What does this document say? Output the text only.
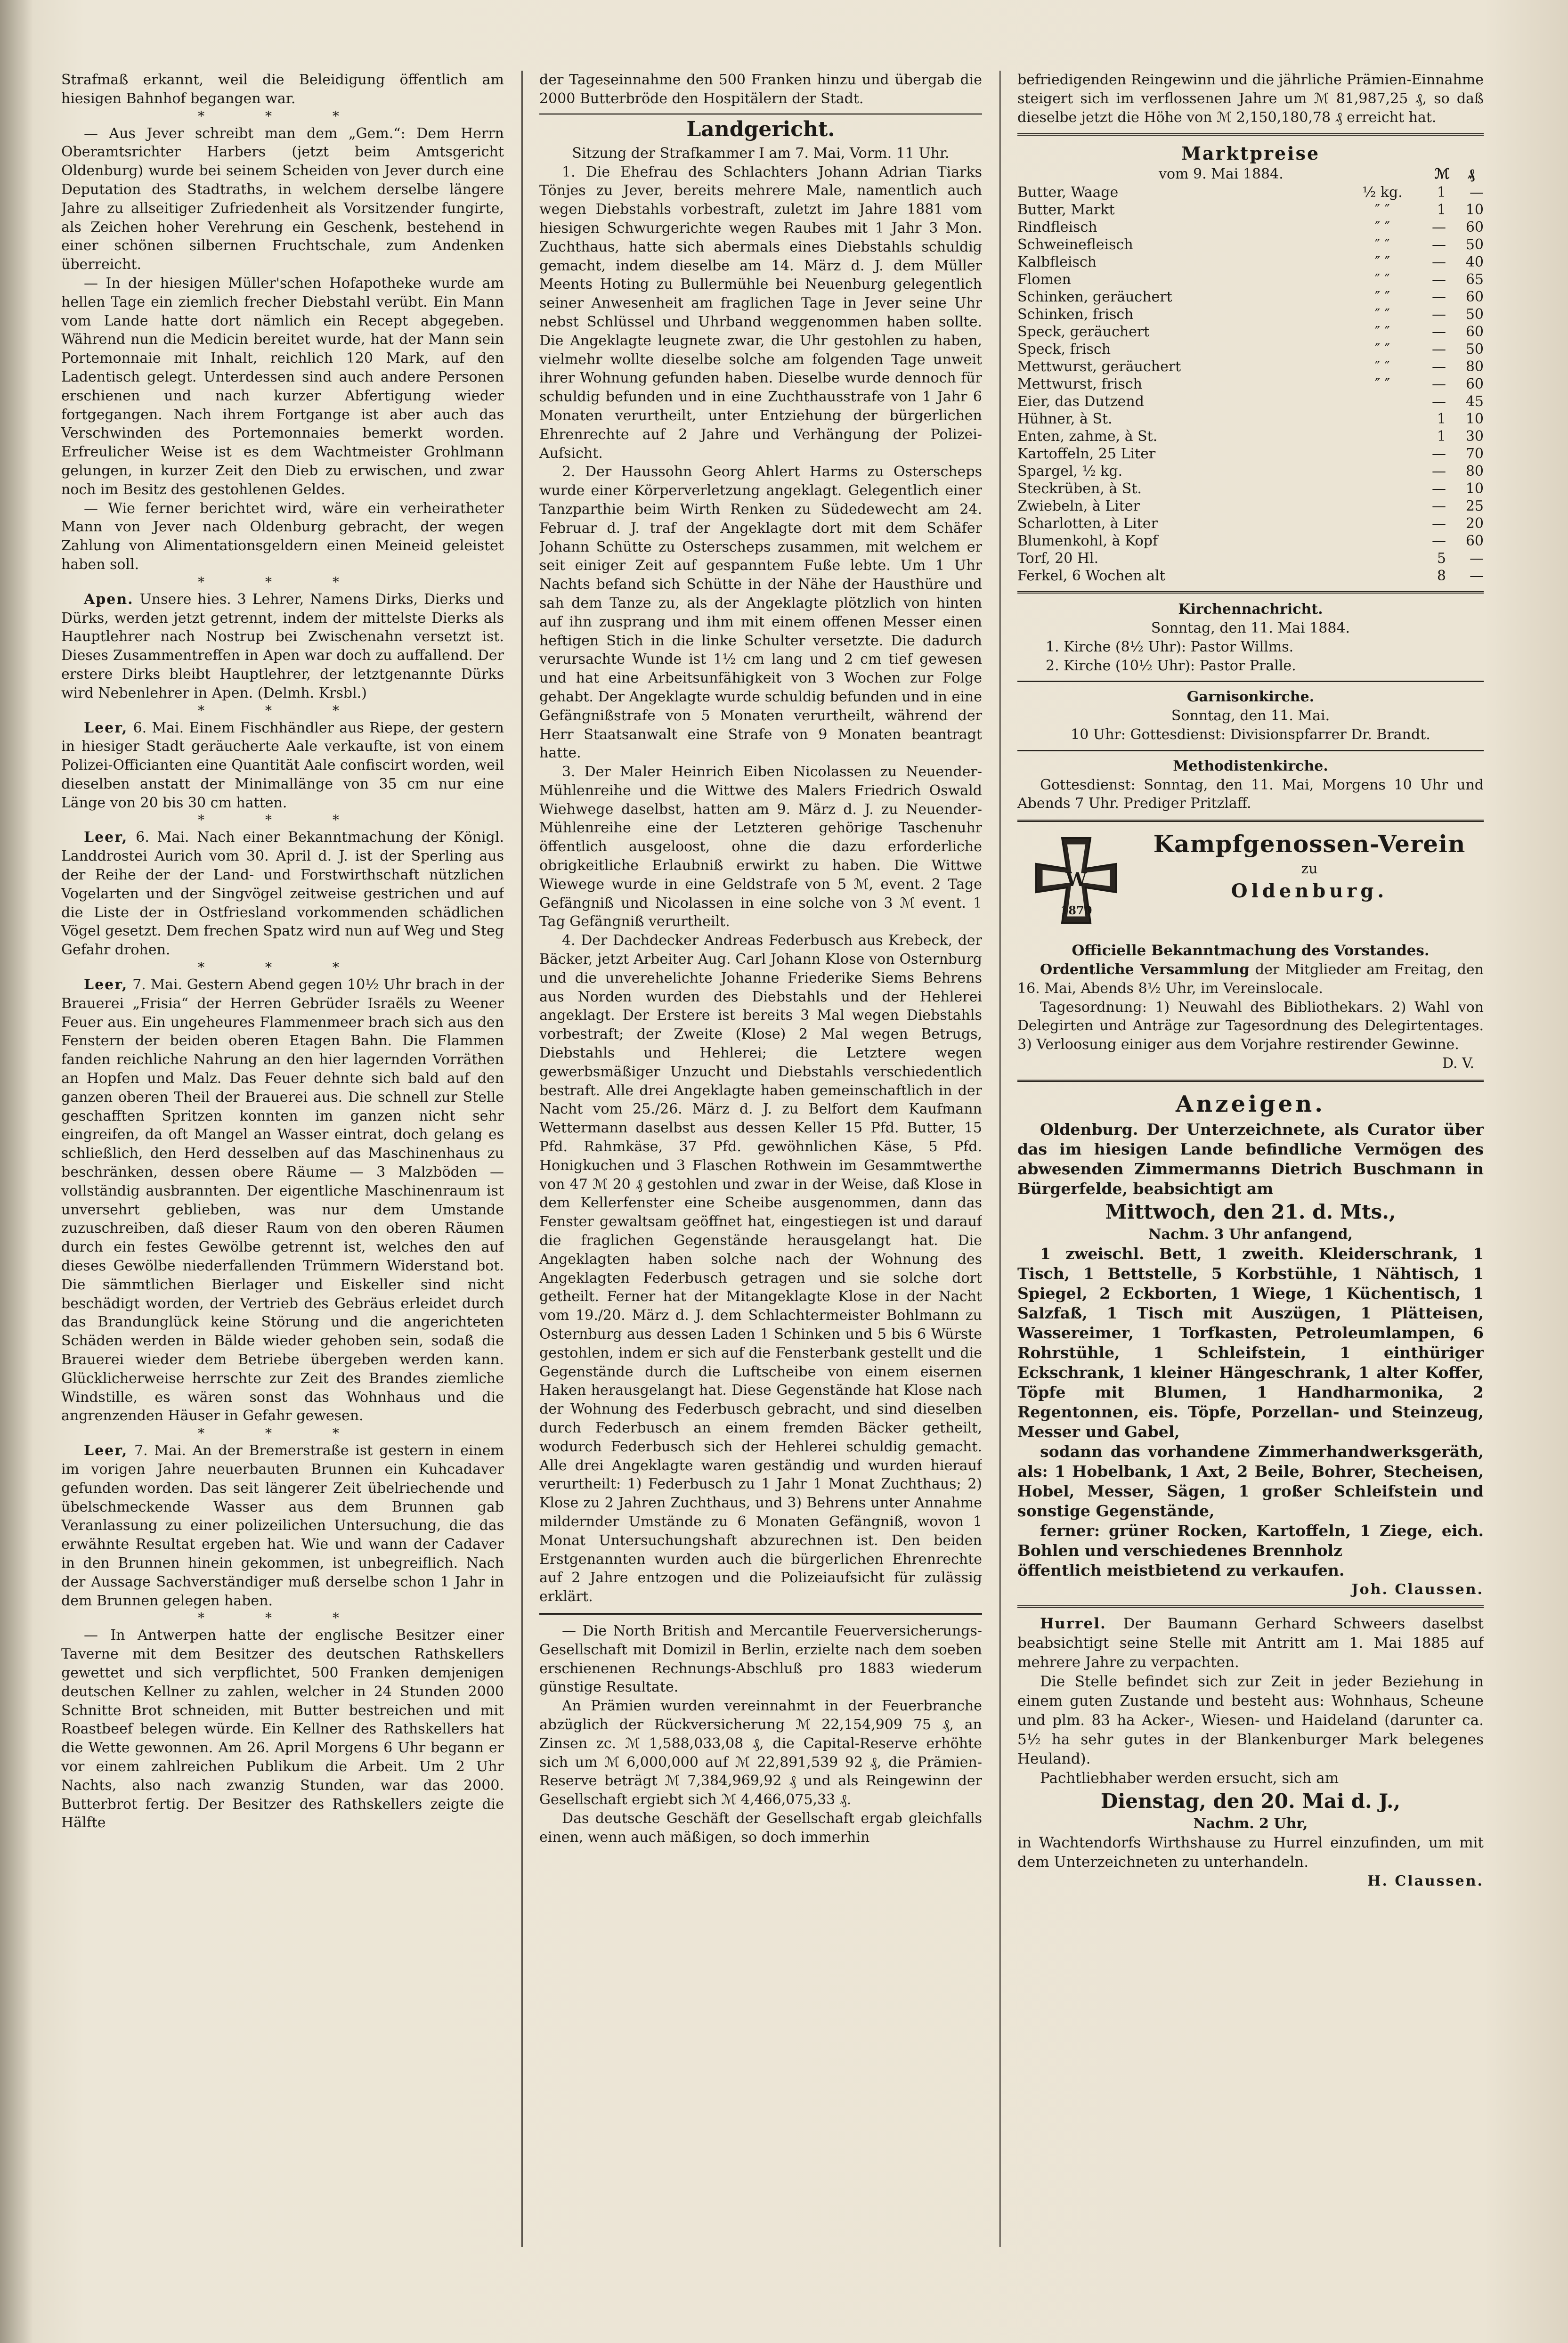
Strafmaß erkannt, weil die Beleidigung öffentlich am hiesigen Bahnhof begangen war.

* * *

— Aus Jever schreibt man dem „Gem.“: Dem Herrn Oberamtsrichter Harbers (jetzt beim Amtsgericht Oldenburg) wurde bei seinem Scheiden von Jever durch eine Deputation des Stadtraths, in welchem derselbe längere Jahre zu allseitiger Zufriedenheit als Vorsitzender fungirte, als Zeichen hoher Verehrung ein Geschenk, bestehend in einer schönen silbernen Fruchtschale, zum Andenken überreicht.

— In der hiesigen Müller'schen Hofapotheke wurde am hellen Tage ein ziemlich frecher Diebstahl verübt. Ein Mann vom Lande hatte dort nämlich ein Recept abgegeben. Während nun die Medicin bereitet wurde, hat der Mann sein Portemonnaie mit Inhalt, reichlich 120 Mark, auf den Ladentisch gelegt. Unterdessen sind auch andere Personen erschienen und nach kurzer Abfertigung wieder fortgegangen. Nach ihrem Fortgange ist aber auch das Verschwinden des Portemonnaies bemerkt worden. Erfreulicher Weise ist es dem Wachtmeister Grohlmann gelungen, in kurzer Zeit den Dieb zu erwischen, und zwar noch im Besitz des gestohlenen Geldes.

— Wie ferner berichtet wird, wäre ein verheiratheter Mann von Jever nach Oldenburg gebracht, der wegen Zahlung von Alimentationsgeldern einen Meineid geleistet haben soll.

* * *

Apen. Unsere hies. 3 Lehrer, Namens Dirks, Dierks und Dürks, werden jetzt getrennt, indem der mittelste Dierks als Hauptlehrer nach Nostrup bei Zwischenahn versetzt ist. Dieses Zusammentreffen in Apen war doch zu auffallend. Der erstere Dirks bleibt Hauptlehrer, der letztgenannte Dürks wird Nebenlehrer in Apen. (Delmh. Krsbl.)

* * *

Leer, 6. Mai. Einem Fischhändler aus Riepe, der gestern in hiesiger Stadt geräucherte Aale verkaufte, ist von einem Polizei-Officianten eine Quantität Aale confiscirt worden, weil dieselben anstatt der Minimallänge von 35 cm nur eine Länge von 20 bis 30 cm hatten.

* * *

Leer, 6. Mai. Nach einer Bekanntmachung der Königl. Landdrostei Aurich vom 30. April d. J. ist der Sperling aus der Reihe der der Land- und Forstwirthschaft nützlichen Vogelarten und der Singvögel zeitweise gestrichen und auf die Liste der in Ostfriesland vorkommenden schädlichen Vögel gesetzt. Dem frechen Spatz wird nun auf Weg und Steg Gefahr drohen.

* * *

Leer, 7. Mai. Gestern Abend gegen 10½ Uhr brach in der Brauerei „Frisia“ der Herren Gebrüder Israëls zu Weener Feuer aus. Ein ungeheures Flammenmeer brach sich aus den Fenstern der beiden oberen Etagen Bahn. Die Flammen fanden reichliche Nahrung an den hier lagernden Vorräthen an Hopfen und Malz. Das Feuer dehnte sich bald auf den ganzen oberen Theil der Brauerei aus. Die schnell zur Stelle geschafften Spritzen konnten im ganzen nicht sehr eingreifen, da oft Mangel an Wasser eintrat, doch gelang es schließlich, den Herd desselben auf das Maschinenhaus zu beschränken, dessen obere Räume — 3 Malzböden — vollständig ausbrannten. Der eigentliche Maschinenraum ist unversehrt geblieben, was nur dem Umstande zuzuschreiben, daß dieser Raum von den oberen Räumen durch ein festes Gewölbe getrennt ist, welches den auf dieses Gewölbe niederfallenden Trümmern Widerstand bot. Die sämmtlichen Bierlager und Eiskeller sind nicht beschädigt worden, der Vertrieb des Gebräus erleidet durch das Brandunglück keine Störung und die angerichteten Schäden werden in Bälde wieder gehoben sein, sodaß die Brauerei wieder dem Betriebe übergeben werden kann. Glücklicherweise herrschte zur Zeit des Brandes ziemliche Windstille, es wären sonst das Wohnhaus und die angrenzenden Häuser in Gefahr gewesen.

* * *

Leer, 7. Mai. An der Bremerstraße ist gestern in einem im vorigen Jahre neuerbauten Brunnen ein Kuhcadaver gefunden worden. Das seit längerer Zeit übelriechende und übelschmeckende Wasser aus dem Brunnen gab Veranlassung zu einer polizeilichen Untersuchung, die das erwähnte Resultat ergeben hat. Wie und wann der Cadaver in den Brunnen hinein gekommen, ist unbegreiflich. Nach der Aussage Sachverständiger muß derselbe schon 1 Jahr in dem Brunnen gelegen haben.

* * *

— In Antwerpen hatte der englische Besitzer einer Taverne mit dem Besitzer des deutschen Rathskellers gewettet und sich verpflichtet, 500 Franken demjenigen deutschen Kellner zu zahlen, welcher in 24 Stunden 2000 Schnitte Brot schneiden, mit Butter bestreichen und mit Roastbeef belegen würde. Ein Kellner des Rathskellers hat die Wette gewonnen. Am 26. April Morgens 6 Uhr begann er vor einem zahlreichen Publikum die Arbeit. Um 2 Uhr Nachts, also nach zwanzig Stunden, war das 2000. Butterbrot fertig. Der Besitzer des Rathskellers zeigte die Hälfte

der Tageseinnahme den 500 Franken hinzu und übergab die 2000 Butterbröde den Hospitälern der Stadt.

Landgericht.
Sitzung der Strafkammer I am 7. Mai, Vorm. 11 Uhr.

1. Die Ehefrau des Schlachters Johann Adrian Tiarks Tönjes zu Jever, bereits mehrere Male, namentlich auch wegen Diebstahls vorbestraft, zuletzt im Jahre 1881 vom hiesigen Schwurgerichte wegen Raubes mit 1 Jahr 3 Mon. Zuchthaus, hatte sich abermals eines Diebstahls schuldig gemacht, indem dieselbe am 14. März d. J. dem Müller Meents Hoting zu Bullermühle bei Neuenburg gelegentlich seiner Anwesenheit am fraglichen Tage in Jever seine Uhr nebst Schlüssel und Uhrband weggenommen haben sollte. Die Angeklagte leugnete zwar, die Uhr gestohlen zu haben, vielmehr wollte dieselbe solche am folgenden Tage unweit ihrer Wohnung gefunden haben. Dieselbe wurde dennoch für schuldig befunden und in eine Zuchthausstrafe von 1 Jahr 6 Monaten verurtheilt, unter Entziehung der bürgerlichen Ehrenrechte auf 2 Jahre und Verhängung der Polizei-Aufsicht.

2. Der Haussohn Georg Ahlert Harms zu Osterscheps wurde einer Körperverletzung angeklagt. Gelegentlich einer Tanzparthie beim Wirth Renken zu Südedewecht am 24. Februar d. J. traf der Angeklagte dort mit dem Schäfer Johann Schütte zu Osterscheps zusammen, mit welchem er seit einiger Zeit auf gespanntem Fuße lebte. Um 1 Uhr Nachts befand sich Schütte in der Nähe der Hausthüre und sah dem Tanze zu, als der Angeklagte plötzlich von hinten auf ihn zusprang und ihm mit einem offenen Messer einen heftigen Stich in die linke Schulter versetzte. Die dadurch verursachte Wunde ist 1½ cm lang und 2 cm tief gewesen und hat eine Arbeitsunfähigkeit von 3 Wochen zur Folge gehabt. Der Angeklagte wurde schuldig befunden und in eine Gefängnißstrafe von 5 Monaten verurtheilt, während der Herr Staatsanwalt eine Strafe von 9 Monaten beantragt hatte.

3. Der Maler Heinrich Eiben Nicolassen zu Neuender-Mühlenreihe und die Wittwe des Malers Friedrich Oswald Wiehwege daselbst, hatten am 9. März d. J. zu Neuender-Mühlenreihe eine der Letzteren gehörige Taschenuhr öffentlich ausgeloost, ohne die dazu erforderliche obrigkeitliche Erlaubniß erwirkt zu haben. Die Wittwe Wiewege wurde in eine Geldstrafe von 5 ℳ, event. 2 Tage Gefängniß und Nicolassen in eine solche von 3 ℳ event. 1 Tag Gefängniß verurtheilt.

4. Der Dachdecker Andreas Federbusch aus Krebeck, der Bäcker, jetzt Arbeiter Aug. Carl Johann Klose von Osternburg und die unverehelichte Johanne Friederike Siems Behrens aus Norden wurden des Diebstahls und der Hehlerei angeklagt. Der Erstere ist bereits 3 Mal wegen Diebstahls vorbestraft; der Zweite (Klose) 2 Mal wegen Betrugs, Diebstahls und Hehlerei; die Letztere wegen gewerbsmäßiger Unzucht und Diebstahls verschiedentlich bestraft. Alle drei Angeklagte haben gemeinschaftlich in der Nacht vom 25./26. März d. J. zu Belfort dem Kaufmann Wettermann daselbst aus dessen Keller 15 Pfd. Butter, 15 Pfd. Rahmkäse, 37 Pfd. gewöhnlichen Käse, 5 Pfd. Honigkuchen und 3 Flaschen Rothwein im Gesammtwerthe von 47 ℳ 20 ₰ gestohlen und zwar in der Weise, daß Klose in dem Kellerfenster eine Scheibe ausgenommen, dann das Fenster gewaltsam geöffnet hat, eingestiegen ist und darauf die fraglichen Gegenstände herausgelangt hat. Die Angeklagten haben solche nach der Wohnung des Angeklagten Federbusch getragen und sie solche dort getheilt. Ferner hat der Mitangeklagte Klose in der Nacht vom 19./20. März d. J. dem Schlachtermeister Bohlmann zu Osternburg aus dessen Laden 1 Schinken und 5 bis 6 Würste gestohlen, indem er sich auf die Fensterbank gestellt und die Gegenstände durch die Luftscheibe von einem eisernen Haken herausgelangt hat. Diese Gegenstände hat Klose nach der Wohnung des Federbusch gebracht, und sind dieselben durch Federbusch an einem fremden Bäcker getheilt, wodurch Federbusch sich der Hehlerei schuldig gemacht. Alle drei Angeklagte waren geständig und wurden hierauf verurtheilt: 1) Federbusch zu 1 Jahr 1 Monat Zuchthaus; 2) Klose zu 2 Jahren Zuchthaus, und 3) Behrens unter Annahme mildernder Umstände zu 6 Monaten Gefängniß, wovon 1 Monat Untersuchungshaft abzurechnen ist. Den beiden Erstgenannten wurden auch die bürgerlichen Ehrenrechte auf 2 Jahre entzogen und die Polizeiaufsicht für zulässig erklärt.

— Die North British and Mercantile Feuerversicherungs-Gesellschaft mit Domizil in Berlin, erzielte nach dem soeben erschienenen Rechnungs-Abschluß pro 1883 wiederum günstige Resultate.

An Prämien wurden vereinnahmt in der Feuerbranche abzüglich der Rückversicherung ℳ 22,154,909 75 ₰, an Zinsen zc. ℳ 1,588,033,08 ₰, die Capital-Reserve erhöhte sich um ℳ 6,000,000 auf ℳ 22,891,539 92 ₰, die Prämien-Reserve beträgt ℳ 7,384,969,92 ₰ und als Reingewinn der Gesellschaft ergiebt sich ℳ 4,466,075,33 ₰.

Das deutsche Geschäft der Gesellschaft ergab gleichfalls einen, wenn auch mäßigen, so doch immerhin

befriedigenden Reingewinn und die jährliche Prämien-Einnahme steigert sich im verflossenen Jahre um ℳ 81,987,25 ₰, so daß dieselbe jetzt die Höhe von ℳ 2,150,180,78 ₰ erreicht hat.

Marktpreise
vom 9. Mai 1884.	ℳ ₰
Butter, Waage	½ kg.	1	—
Butter, Markt	″ ″	1	10
Rindfleisch	″ ″	—	60
Schweinefleisch	″ ″	—	50
Kalbfleisch	″ ″	—	40
Flomen	″ ″	—	65
Schinken, geräuchert	″ ″	—	60
Schinken, frisch	″ ″	—	50
Speck, geräuchert	″ ″	—	60
Speck, frisch	″ ″	—	50
Mettwurst, geräuchert	″ ″	—	80
Mettwurst, frisch	″ ″	—	60
Eier, das Dutzend		—	45
Hühner, à St.		1	10
Enten, zahme, à St.		1	30
Kartoffeln, 25 Liter		—	70
Spargel, ½ kg.		—	80
Steckrüben, à St.		—	10
Zwiebeln, à Liter		—	25
Scharlotten, à Liter		—	20
Blumenkohl, à Kopf		—	60
Torf, 20 Hl.		5	—
Ferkel, 6 Wochen alt		8	—
Kirchennachricht.
Sonntag, den 11. Mai 1884.
1. Kirche (8½ Uhr): Pastor Willms.
2. Kirche (10½ Uhr): Pastor Pralle.
Garnisonkirche.
Sonntag, den 11. Mai.
10 Uhr: Gottesdienst: Divisionspfarrer Dr. Brandt.
Methodistenkirche.

Gottesdienst: Sonntag, den 11. Mai, Morgens 10 Uhr und Abends 7 Uhr. Prediger Pritzlaff.

W
1870
Kampfgenossen-Verein
zu
Oldenburg.
Officielle Bekanntmachung des Vorstandes.

Ordentliche Versammlung der Mitglieder am Freitag, den 16. Mai, Abends 8½ Uhr, im Vereinslocale.

Tagesordnung: 1) Neuwahl des Bibliothekars. 2) Wahl von Delegirten und Anträge zur Tagesordnung des Delegirtentages. 3) Verloosung einiger aus dem Vorjahre restirender Gewinne.

D. V.
Anzeigen.

Oldenburg. Der Unterzeichnete, als Curator über das im hiesigen Lande befindliche Vermögen des abwesenden Zimmermanns Dietrich Buschmann in Bürgerfelde, beabsichtigt am

Mittwoch, den 21. d. Mts.,
Nachm. 3 Uhr anfangend,

1 zweischl. Bett, 1 zweith. Kleiderschrank, 1 Tisch, 1 Bettstelle, 5 Korbstühle, 1 Nähtisch, 1 Spiegel, 2 Eckborten, 1 Wiege, 1 Küchentisch, 1 Salzfaß, 1 Tisch mit Auszügen, 1 Plätteisen, Wassereimer, 1 Torfkasten, Petroleumlampen, 6 Rohrstühle, 1 Schleifstein, 1 einthüriger Eckschrank, 1 kleiner Hängeschrank, 1 alter Koffer, Töpfe mit Blumen, 1 Handharmonika, 2 Regentonnen, eis. Töpfe, Porzellan- und Steinzeug, Messer und Gabel,

sodann das vorhandene Zimmerhandwerksgeräth, als: 1 Hobelbank, 1 Axt, 2 Beile, Bohrer, Stecheisen, Hobel, Messer, Sägen, 1 großer Schleifstein und sonstige Gegenstände,

ferner: grüner Rocken, Kartoffeln, 1 Ziege, eich. Bohlen und verschiedenes Brennholz

öffentlich meistbietend zu verkaufen.

Joh. Claussen.

Hurrel. Der Baumann Gerhard Schweers daselbst beabsichtigt seine Stelle mit Antritt am 1. Mai 1885 auf mehrere Jahre zu verpachten.

Die Stelle befindet sich zur Zeit in jeder Beziehung in einem guten Zustande und besteht aus: Wohnhaus, Scheune und plm. 83 ha Acker-, Wiesen- und Haideland (darunter ca. 5½ ha sehr gutes in der Blankenburger Mark belegenes Heuland).

Pachtliebhaber werden ersucht, sich am

Dienstag, den 20. Mai d. J.,
Nachm. 2 Uhr,

in Wachtendorfs Wirthshause zu Hurrel einzufinden, um mit dem Unterzeichneten zu unterhandeln.

H. Claussen.
